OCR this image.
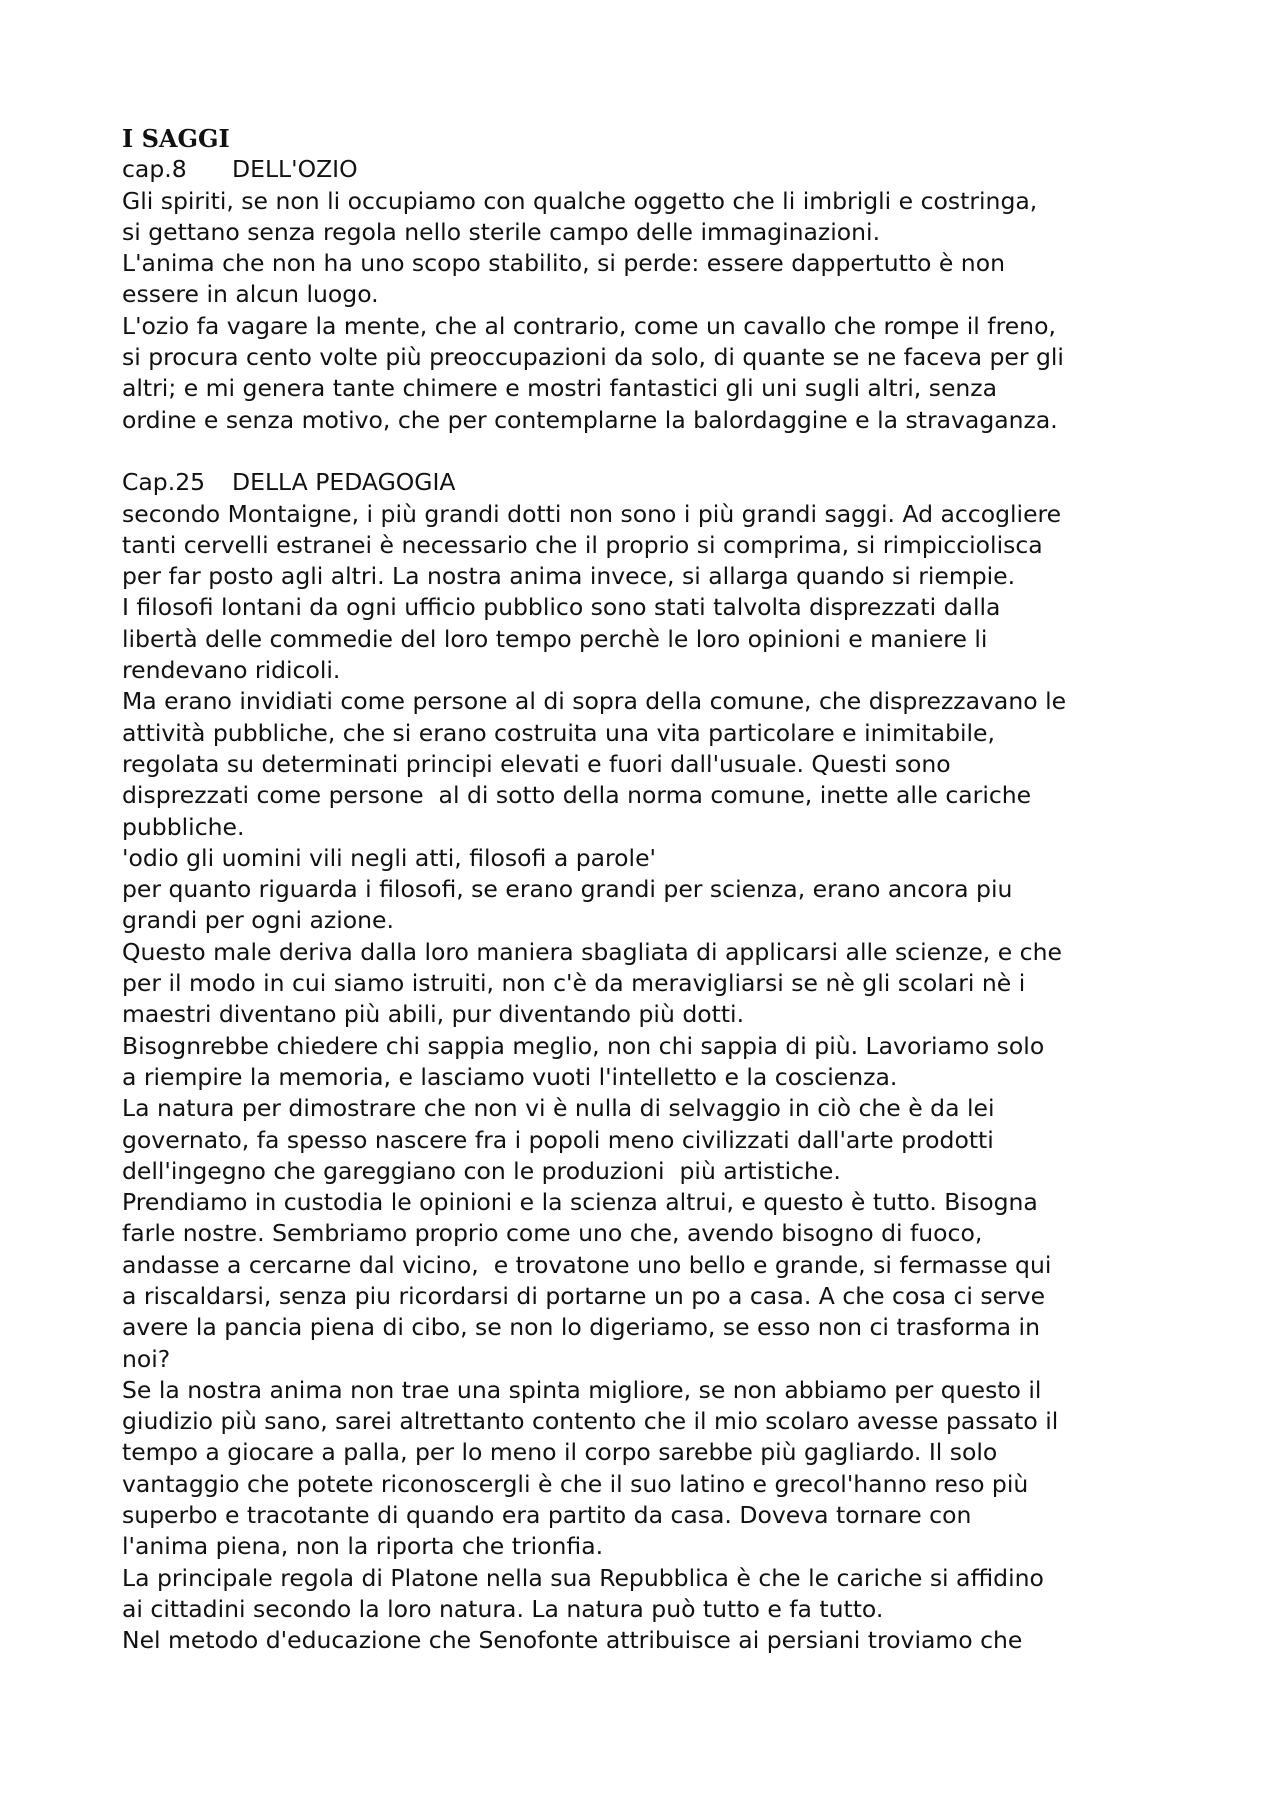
I SAGGI
cap.8 DELL'OZIO
Gli spiriti, se non li occupiamo con qualche oggetto che li imbrigli e costringa,
si gettano senza regola nello sterile campo delle immaginazioni.
L'anima che non ha uno scopo stabilito, si perde: essere dappertutto è non
essere in alcun luogo.
L'ozio fa vagare la mente, che al contrario, come un cavallo che rompe il freno,
si procura cento volte più preoccupazioni da solo, di quante se ne faceva per gli
altri; e mi genera tante chimere e mostri fantastici gli uni sugli altri, senza
ordine e senza motivo, che per contemplarne la balordaggine e la stravaganza.
Cap.25 DELLA PEDAGOGIA
secondo Montaigne, i più grandi dotti non sono i più grandi saggi. Ad accogliere
tanti cervelli estranei è necessario che il proprio si comprima, si rimpicciolisca
per far posto agli altri. La nostra anima invece, si allarga quando si riempie.
I filosofi lontani da ogni ufficio pubblico sono stati talvolta disprezzati dalla
libertà delle commedie del loro tempo perchè le loro opinioni e maniere li
rendevano ridicoli.
Ma erano invidiati come persone al di sopra della comune, che disprezzavano le
attività pubbliche, che si erano costruita una vita particolare e inimitabile,
regolata su determinati principi elevati e fuori dall'usuale. Questi sono
disprezzati come persone  al di sotto della norma comune, inette alle cariche
pubbliche.
'odio gli uomini vili negli atti, filosofi a parole'
per quanto riguarda i filosofi, se erano grandi per scienza, erano ancora piu
grandi per ogni azione.
Questo male deriva dalla loro maniera sbagliata di applicarsi alle scienze, e che
per il modo in cui siamo istruiti, non c'è da meravigliarsi se nè gli scolari nè i
maestri diventano più abili, pur diventando più dotti.
Bisognrebbe chiedere chi sappia meglio, non chi sappia di più. Lavoriamo solo
a riempire la memoria, e lasciamo vuoti l'intelletto e la coscienza.
La natura per dimostrare che non vi è nulla di selvaggio in ciò che è da lei
governato, fa spesso nascere fra i popoli meno civilizzati dall'arte prodotti
dell'ingegno che gareggiano con le produzioni  più artistiche.
Prendiamo in custodia le opinioni e la scienza altrui, e questo è tutto. Bisogna
farle nostre. Sembriamo proprio come uno che, avendo bisogno di fuoco,
andasse a cercarne dal vicino,  e trovatone uno bello e grande, si fermasse qui
a riscaldarsi, senza piu ricordarsi di portarne un po a casa. A che cosa ci serve
avere la pancia piena di cibo, se non lo digeriamo, se esso non ci trasforma in
noi?
Se la nostra anima non trae una spinta migliore, se non abbiamo per questo il
giudizio più sano, sarei altrettanto contento che il mio scolaro avesse passato il
tempo a giocare a palla, per lo meno il corpo sarebbe più gagliardo. Il solo
vantaggio che potete riconoscergli è che il suo latino e grecol'hanno reso più
superbo e tracotante di quando era partito da casa. Doveva tornare con
l'anima piena, non la riporta che trionfia.
La principale regola di Platone nella sua Repubblica è che le cariche si affidino
ai cittadini secondo la loro natura. La natura può tutto e fa tutto.
Nel metodo d'educazione che Senofonte attribuisce ai persiani troviamo che
